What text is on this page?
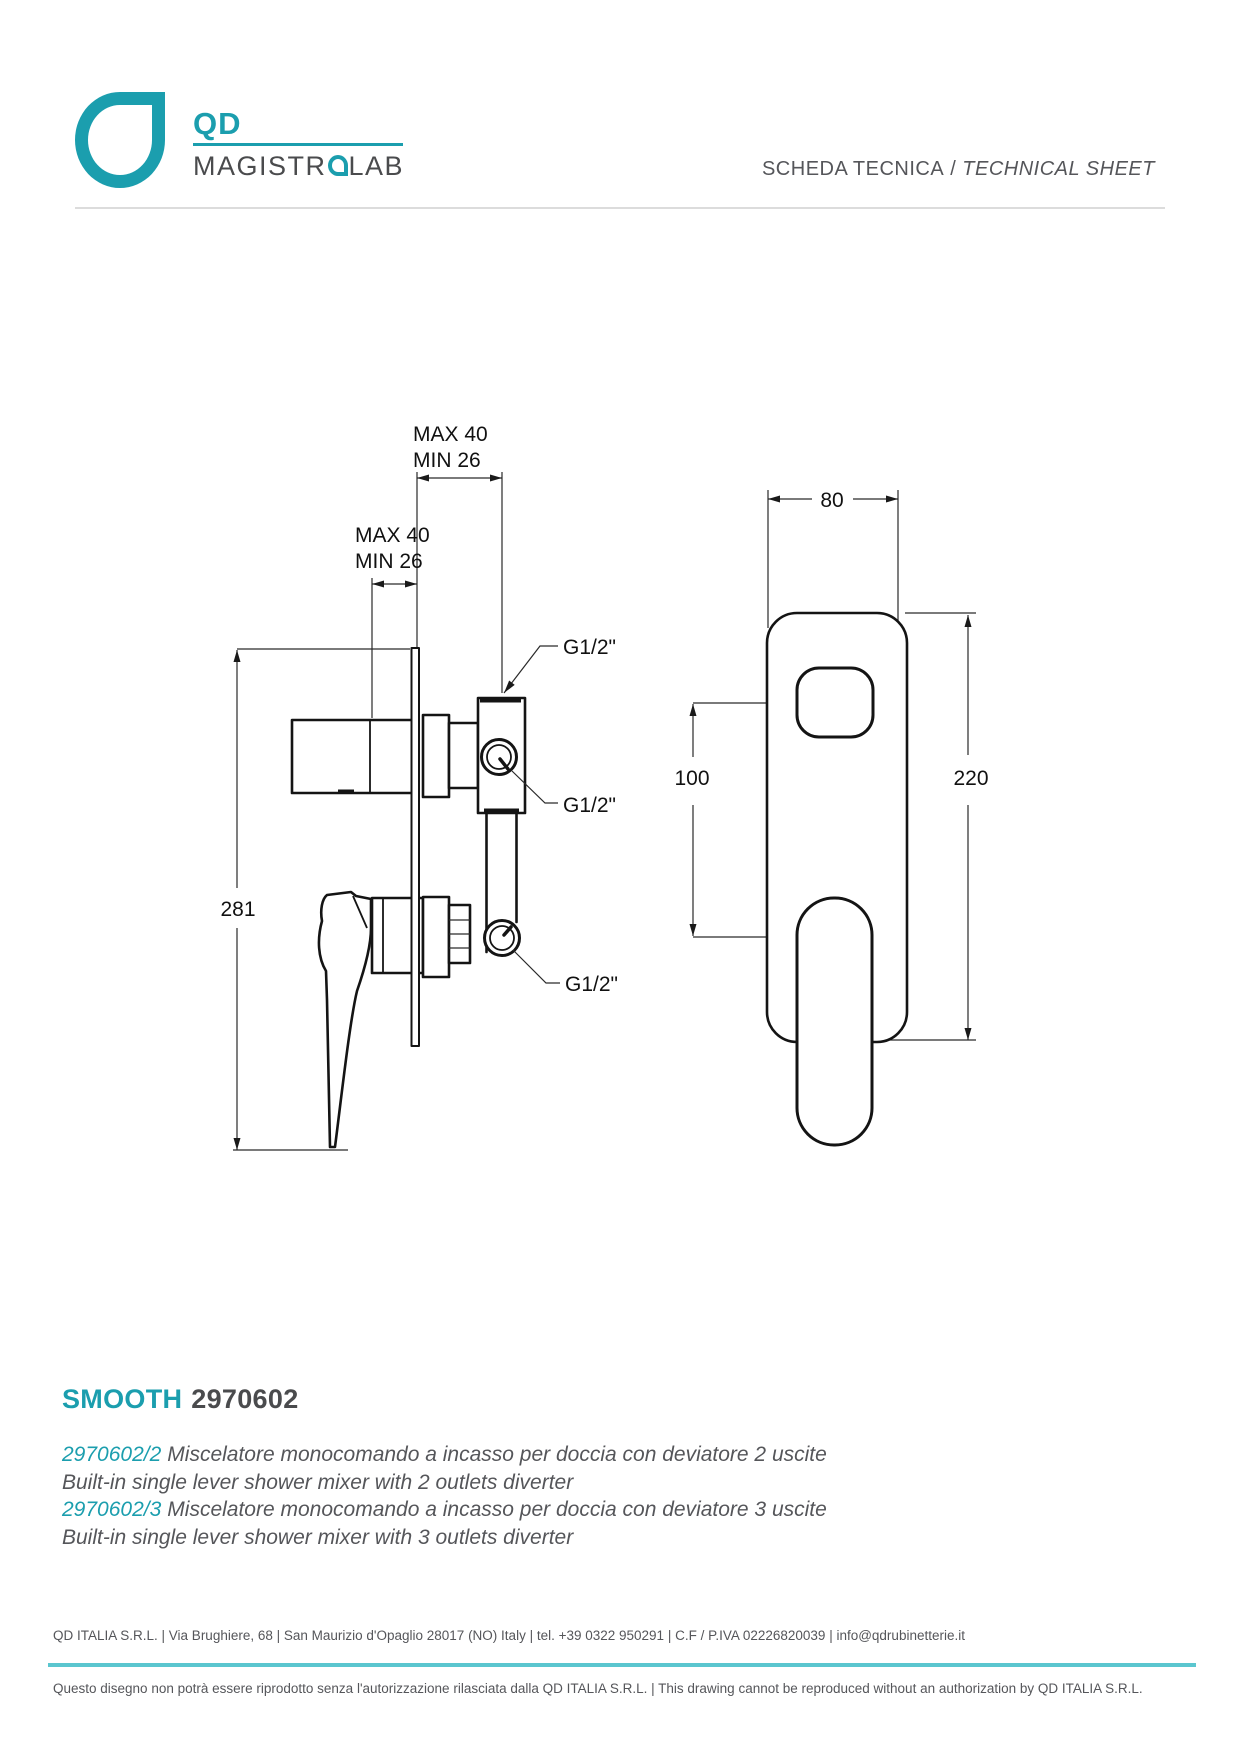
QD
MAGISTR LAB	SCHEDA TECNICA / TECHNICAL SHEET
MAX 40
MIN 26
MAX 40
MIN 26
281
G1/2"
G1/2"
G1/2"
80
220
100
SMOOTH 2970602
2970602/2 Miscelatore monocomando a incasso per doccia con deviatore 2 uscite
Built-in single lever shower mixer with 2 outlets diverter
2970602/3 Miscelatore monocomando a incasso per doccia con deviatore 3 uscite
Built-in single lever shower mixer with 3 outlets diverter
QD ITALIA S.R.L. | Via Brughiere, 68 | San Maurizio d'Opaglio 28017 (NO) Italy | tel. +39 0322 950291 | C.F / P.IVA 02226820039 | info@qdrubinetterie.it
Questo disegno non potrà essere riprodotto senza l'autorizzazione rilasciata dalla QD ITALIA S.R.L. | This drawing cannot be reproduced without an authorization by QD ITALIA S.R.L.
